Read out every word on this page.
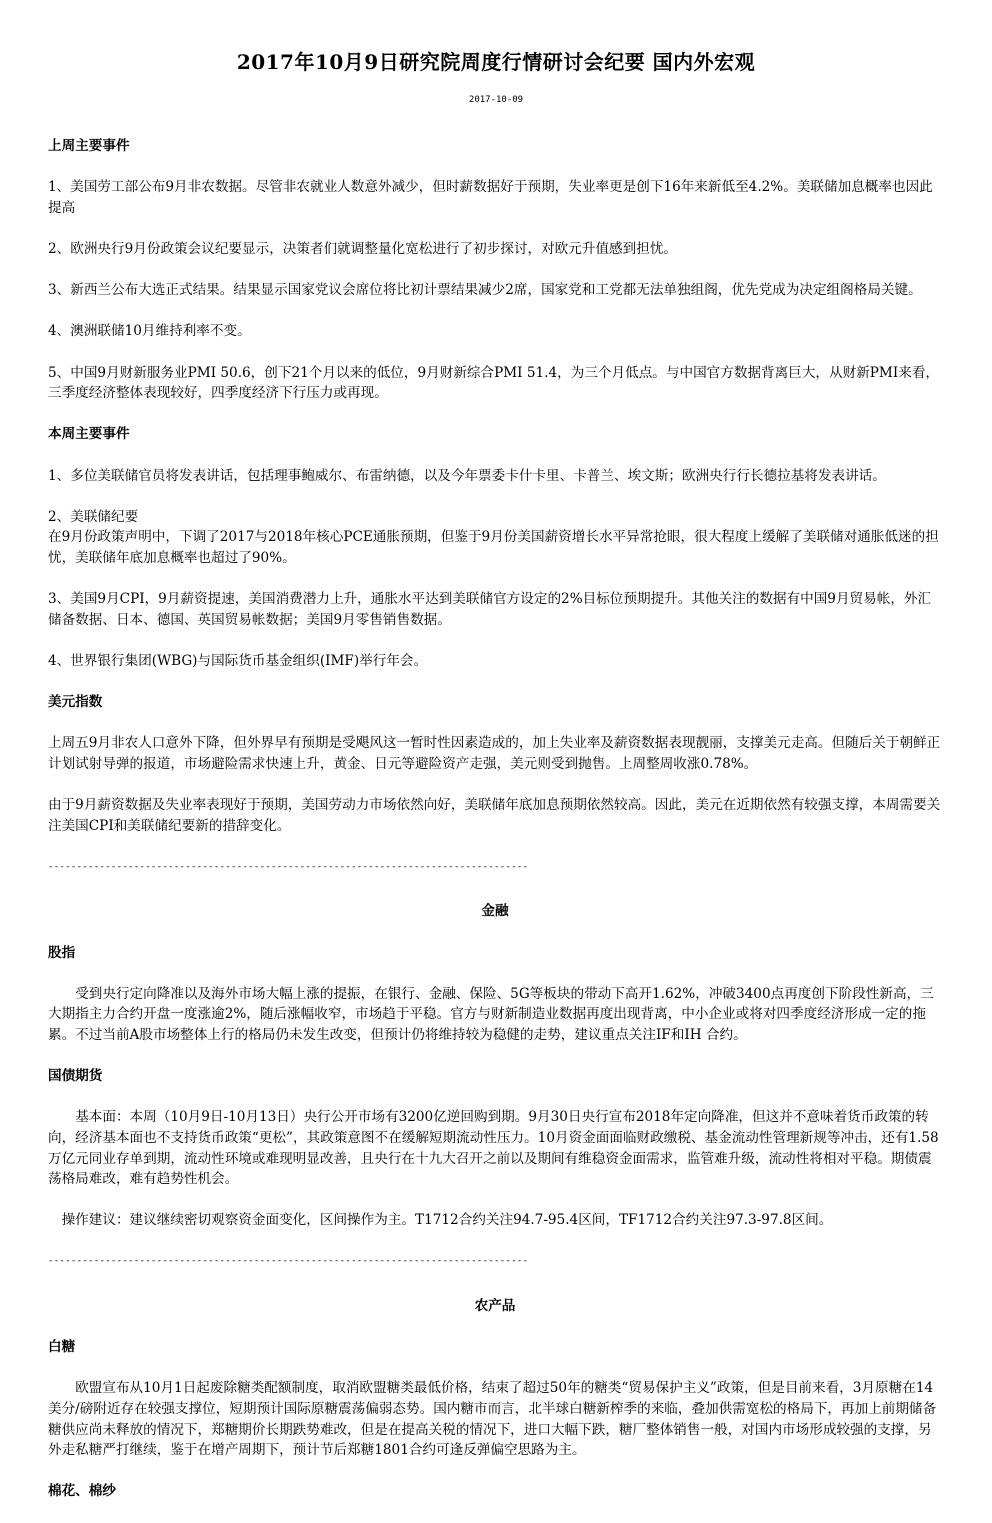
2017年10月9日研究院周度行情研讨会纪要 国内外宏观
2017-10-09

上周主要事件

1、美国劳工部公布9月非农数据。尽管非农就业人数意外减少，但时薪数据好于预期，失业率更是创下16年来新低至4.2%。美联储加息概率也因此提高

2、欧洲央行9月份政策会议纪要显示，决策者们就调整量化宽松进行了初步探讨，对欧元升值感到担忧。

3、新西兰公布大选正式结果。结果显示国家党议会席位将比初计票结果减少2席，国家党和工党都无法单独组阁，优先党成为决定组阁格局关键。

4、澳洲联储10月维持利率不变。

5、中国9月财新服务业PMI 50.6，创下21个月以来的低位，9月财新综合PMI 51.4，为三个月低点。与中国官方数据背离巨大，从财新PMI来看，三季度经济整体表现较好，四季度经济下行压力或再现。

本周主要事件

1、多位美联储官员将发表讲话，包括理事鲍威尔、布雷纳德，以及今年票委卡什卡里、卡普兰、埃文斯；欧洲央行行长德拉基将发表讲话。

2、美联储纪要

在9月份政策声明中，下调了2017与2018年核心PCE通胀预期，但鉴于9月份美国薪资增长水平异常抢眼，很大程度上缓解了美联储对通胀低迷的担忧，美联储年底加息概率也超过了90%。

3、美国9月CPI，9月薪资提速，美国消费潜力上升，通胀水平达到美联储官方设定的2%目标位预期提升。其他关注的数据有中国9月贸易帐，外汇储备数据、日本、德国、英国贸易帐数据；美国9月零售销售数据。

4、世界银行集团(WBG)与国际货币基金组织(IMF)举行年会。

美元指数

上周五9月非农人口意外下降，但外界早有预期是受飓风这一暂时性因素造成的，加上失业率及薪资数据表现靓丽，支撑美元走高。但随后关于朝鲜正计划试射导弹的报道，市场避险需求快速上升，黄金、日元等避险资产走强，美元则受到抛售。上周整周收涨0.78%。

由于9月薪资数据及失业率表现好于预期，美国劳动力市场依然向好，美联储年底加息预期依然较高。因此，美元在近期依然有较强支撑，本周需要关注美国CPI和美联储纪要新的措辞变化。

------------------------------------------------------------------------------------

金融

股指

受到央行定向降准以及海外市场大幅上涨的提振，在银行、金融、保险、5G等板块的带动下高开1.62%，冲破3400点再度创下阶段性新高，三大期指主力合约开盘一度涨逾2%，随后涨幅收窄，市场趋于平稳。官方与财新制造业数据再度出现背离，中小企业或将对四季度经济形成一定的拖累。不过当前A股市场整体上行的格局仍未发生改变，但预计仍将维持较为稳健的走势，建议重点关注IF和IH 合约。

国债期货

基本面：本周（10月9日-10月13日）央行公开市场有3200亿逆回购到期。9月30日央行宣布2018年定向降准，但这并不意味着货币政策的转向，经济基本面也不支持货币政策“更松”，其政策意图不在缓解短期流动性压力。10月资金面面临财政缴税、基金流动性管理新规等冲击，还有1.58万亿元同业存单到期，流动性环境或难现明显改善，且央行在十九大召开之前以及期间有维稳资金面需求，监管难升级，流动性将相对平稳。期债震荡格局难改，难有趋势性机会。

操作建议：建议继续密切观察资金面变化，区间操作为主。T1712合约关注94.7-95.4区间，TF1712合约关注97.3-97.8区间。

------------------------------------------------------------------------------------

农产品

白糖

欧盟宣布从10月1日起废除糖类配额制度，取消欧盟糖类最低价格，结束了超过50年的糖类“贸易保护主义”政策，但是目前来看，3月原糖在14美分/磅附近存在较强支撑位，短期预计国际原糖震荡偏弱态势。国内糖市而言，北半球白糖新榨季的来临，叠加供需宽松的格局下，再加上前期储备糖供应尚未释放的情况下，郑糖期价长期跌势难改，但是在提高关税的情况下，进口大幅下跌，糖厂整体销售一般，对国内市场形成较强的支撑，另外走私糖严打继续，鉴于在增产周期下，预计节后郑糖1801合约可逢反弹偏空思路为主。

棉花、棉纱
